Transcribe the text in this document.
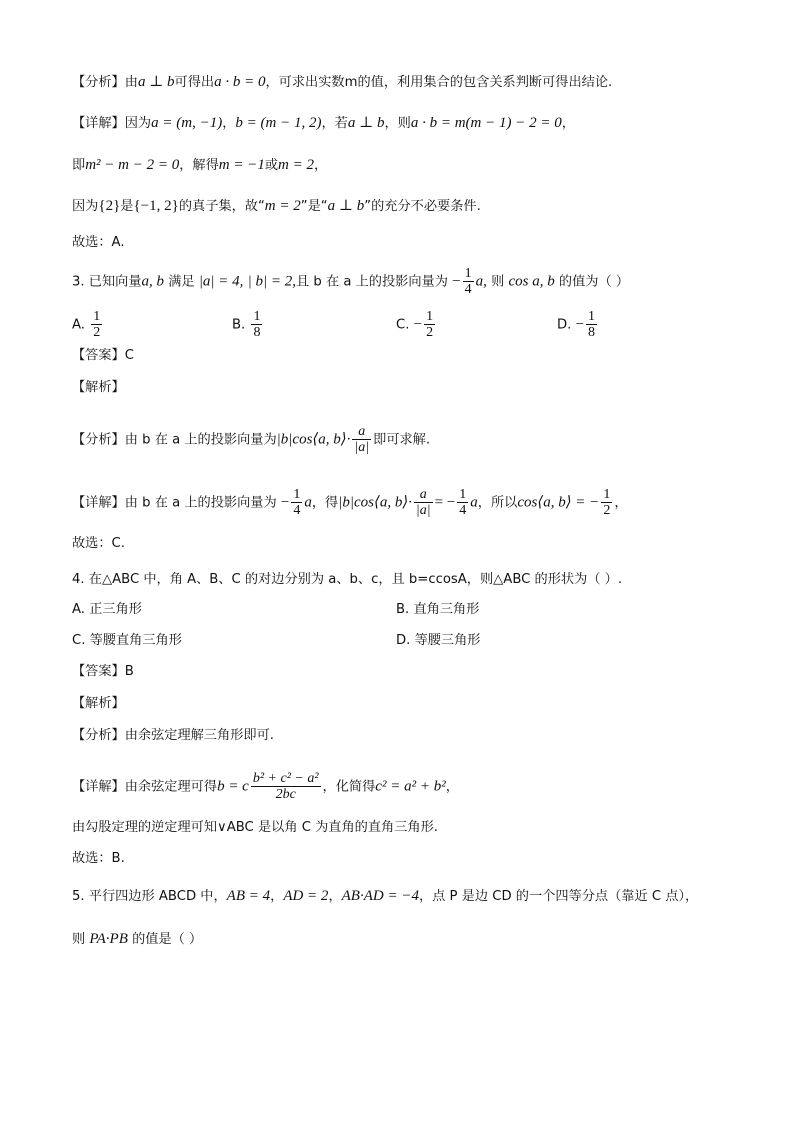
【分析】由a ⊥ b可得出a · b = 0，可求出实数m的值，利用集合的包含关系判断可得出结论.
【详解】因为a = (m, −1)，b = (m − 1, 2)，若a ⊥ b，则a · b = m(m − 1) − 2 = 0，
即m² − m − 2 = 0，解得m = −1或m = 2，
因为{2}是{−1, 2}的真子集，故“m = 2”是“a ⊥ b”的充分不必要条件.
故选：A.
3. 已知向量a, b 满足 |a| = 4, | b| = 2,且 b 在 a 上的投影向量为 − $\frac{1}{4} a$, 则 cos a, b 的值为（ ）
A. $\frac{1}{2}$	B. $\frac{1}{8}$	C. − $\frac{1}{2}$	D. − $\frac{1}{8}$
【答案】C
【解析】
【分析】由 b 在 a 上的投影向量为|b|cos⟨a, b⟩· $\frac{a}{|a|}$ 即可求解.
【详解】由 b 在 a 上的投影向量为 − $\frac{1}{4}$ a，得|b|cos⟨a, b⟩· $\frac{a}{|a|}$ = − $\frac{1}{4}$ a，所以cos⟨a, b⟩ = − $\frac{1}{2}$ ，
故选：C.
4. 在△ABC 中，角 A、B、C 的对边分别为 a、b、c，且 b=ccosA，则△ABC 的形状为（ ）.
A. 正三角形	B. 直角三角形
C. 等腰直角三角形	D. 等腰三角形
【答案】B
【解析】
【分析】由余弦定理解三角形即可.
【详解】由余弦定理可得b = c $\frac{\text{b² + c² − a²}}{2bc}$ ，化简得c² = a² + b²，
由勾股定理的逆定理可知∨ABC 是以角 C 为直角的直角三角形.
故选：B.
5. 平行四边形 ABCD 中，AB = 4，AD = 2，AB·AD = −4，点 P 是边 CD 的一个四等分点（靠近 C 点），
则 PA·PB 的值是（ ）
